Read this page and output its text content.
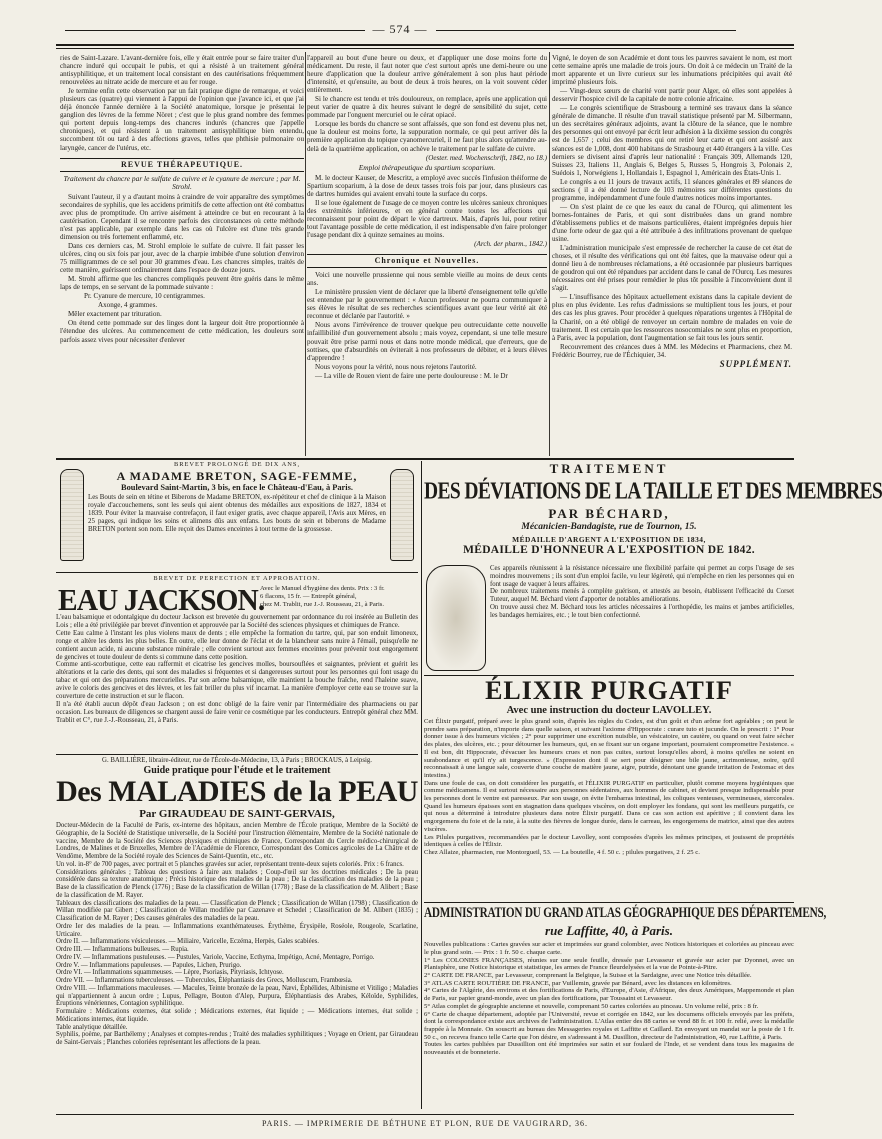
— 574 —

ries de Saint-Lazare. L'avant-dernière fois, elle y était entrée pour se faire traiter d'un chancre induré qui occupait le pubis, et qui a résisté à un traitement général antisyphilitique, et un traitement local consistant en des cautérisations fréquemment renouvelées au nitrate acide de mercure et au fer rouge.

Je termine enfin cette observation par un fait pratique digne de remarque, et voici plusieurs cas (quatre) qui viennent à l'appui de l'opinion que j'avance ici, et que j'ai déjà énoncée l'année dernière à la Société anatomique, lorsque je présentai le ganglion des lèvres de la femme Nöret ; c'est que le plus grand nombre des femmes qui portent depuis long-temps des chancres indurés (chancres que j'appelle chroniques), et qui résistent à un traitement antisyphilitique bien entendu, succombent tôt ou tard à des affections graves, telles que phthisie pulmonaire ou laryngée, cancer de l'utérus, etc.

REVUE THÉRAPEUTIQUE.
Traitement du chancre par le sulfate de cuivre et le cyanure de mercure ; par M. Strohl.

Suivant l'auteur, il y a d'autant moins à craindre de voir apparaître des symptômes secondaires de syphilis, que les accidens primitifs de cette affection ont été combattus avec plus de promptitude. On arrive aisément à atteindre ce but en recourant à la cautérisation. Cependant il se rencontre parfois des circonstances où cette méthode n'est pas applicable, par exemple dans les cas où l'ulcère est d'une très grande dimension ou très fortement enflammé, etc.

Dans ces derniers cas, M. Strohl emploie le sulfate de cuivre. Il fait passer les ulcères, cinq ou six fois par jour, avec de la charpie imbibée d'une solution d'environ 75 milligrammes de ce sel pour 30 grammes d'eau. Les chancres simples, traités de cette manière, guérissent ordinairement dans l'espace de douze jours.

M. Strohl affirme que les chancres compliqués peuvent être guéris dans le même laps de temps, en se servant de la pommade suivante :

Pr. Cyanure de mercure, 10 centigrammes.

Axonge, 4 grammes.

Mêler exactement par trituration.

On étend cette pommade sur des linges dont la largeur doit être proportionnée à l'étendue des ulcères. Au commencement de cette médication, les douleurs sont parfois assez vives pour nécessiter d'enlever

l'appareil au bout d'une heure ou deux, et d'appliquer une dose moins forte du médicament. Du reste, il faut noter que c'est surtout après une demi-heure ou une heure d'application que la douleur arrive généralement à son plus haut période d'intensité, et qu'ensuite, au bout de deux à trois heures, on la voit souvent céder entièrement.

Si le chancre est tendu et très douloureux, on remplace, après une application qui peut varier de quatre à dix heures suivant le degré de sensibilité du sujet, cette pommade par l'onguent mercuriel ou le cérat opiacé.

Lorsque les bords du chancre se sont affaissés, que son fond est devenu plus net, que la douleur est moins forte, la suppuration normale, ce qui peut arriver dès la première application du topique cyanomercuriel, il ne faut plus alors qu'attendre au-delà de la quatrième application, on achève le traitement par le sulfate de cuivre.

(Oester. med. Wochenschrift, 1842, no 18.)

Emploi thérapeutique du spartium scoparium.

M. le docteur Kauser, de Mescritz, a employé avec succès l'infusion théiforme de Spartium scoparium, à la dose de deux tasses trois fois par jour, dans plusieurs cas de dartres humides qui avaient envahi toute la surface du corps.

Il se loue également de l'usage de ce moyen contre les ulcères sanieux chroniques des extrémités inférieures, et en général contre toutes les affections qui reconnaissent pour point de départ le vice dartreux. Mais, d'après lui, pour retirer tout l'avantage possible de cette médication, il est indispensable d'en faire prolonger l'usage pendant dix à quinze semaines au moins.

(Arch. der pharm., 1842.)

Chronique et Nouvelles.

Voici une nouvelle prussienne qui nous semble vieille au moins de deux cents ans.

Le ministère prussien vient de déclarer que la liberté d'enseignement telle qu'elle est entendue par le gouvernement : « Aucun professeur ne pourra communiquer à ses élèves le résultat de ses recherches scientifiques avant que leur vérité ait été reconnue et déclarée par l'autorité. »

Nous avons l'irrévérence de trouver quelque peu outrecuidante cette nouvelle infaillibilité d'un gouvernement absolu ; mais voyez, cependant, si une telle mesure pouvait être prise parmi nous et dans notre monde médical, que d'erreurs, que de sottises, que d'absurdités on éviterait à nos professeurs de débiter, et à leurs élèves d'apprendre !

Nous voyons pour la vérité, nous nous rejetons l'autorité.

— La ville de Rouen vient de faire une perte douloureuse : M. le Dr

Vigné, le doyen de son Académie et dont tous les pauvres savaient le nom, est mort cette semaine après une maladie de trois jours. On doit à ce médecin un Traité de la mort apparente et un livre curieux sur les inhumations précipitées qui avait été imprimé plusieurs fois.

— Vingt-deux sœurs de charité vont partir pour Alger, où elles sont appelées à desservir l'hospice civil de la capitale de notre colonie africaine.

— Le congrès scientifique de Strasbourg a terminé ses travaux dans la séance générale de dimanche. Il résulte d'un travail statistique présenté par M. Silbermann, un des secrétaires généraux adjoints, avant la clôture de la séance, que le nombre des personnes qui ont envoyé par écrit leur adhésion à la dixième session du congrès est de 1,657 ; celui des membres qui ont retiré leur carte et qui ont assisté aux séances est de 1,008, dont 400 habitans de Strasbourg et 440 étrangers à la ville. Ces derniers se divisent ainsi d'après leur nationalité : Français 309, Allemands 120, Suisses 23, Italiens 11, Anglais 6, Belges 5, Russes 5, Hongrois 3, Polonais 2, Suédois 1, Norwégiens 1, Hollandais 1, Espagnol 1, Américain des États-Unis 1.

Le congrès a eu 11 jours de travaux actifs, 11 séances générales et 89 séances de sections ( il a été donné lecture de 103 mémoires sur différentes questions du programme, indépendamment d'une foule d'autres notices moins importantes.

— On s'est plaint de ce que les eaux du canal de l'Ourcq, qui alimentent les bornes-fontaines de Paris, et qui sont distribuées dans un grand nombre d'établissemens publics et de maisons particulières, étaient imprégnées depuis hier d'une forte odeur de gaz qui a été attribuée à des infiltrations provenant de quelque usine.

L'administration municipale s'est empressée de rechercher la cause de cet état de choses, et il résulte des vérifications qui ont été faites, que la mauvaise odeur qui a donné lieu à de nombreuses réclamations, a été occasionnée par plusieurs barriques de goudron qui ont été répandues par accident dans le canal de l'Ourcq. Les mesures nécessaires ont été prises pour remédier le plus tôt possible à l'inconvénient dont il s'agit.

— L'insuffisance des hôpitaux actuellement existans dans la capitale devient de plus en plus évidente. Les refus d'admissions se multiplient tous les jours, et pour des cas les plus graves. Pour procéder à quelques réparations urgentes à l'Hôpital de la Charité, on a été obligé de renvoyer un certain nombre de malades en voie de traitement. Il est certain que les ressources nosocomiales ne sont plus en proportion, à Paris, avec la population, dont l'augmentation se fait tous les jours sentir.

Recouvrement des créances dues à MM. les Médecins et Pharmaciens, chez M. Frédéric Bourrey, rue de l'Échiquier, 34.

SUPPLÉMENT.

BREVET PROLONGÉ DE DIX ANS,
A MADAME BRETON, SAGE-FEMME,
Boulevard Saint-Martin, 3 bis, en face le Château-d'Eau, à Paris.
Les Bouts de sein en tétine et Biberons de Madame BRETON, ex-répétiteur et chef de clinique à la Maison royale d'accouchemens, sont les seuls qui aient obtenus des médailles aux expositions de 1827, 1834 et 1839. Pour éviter la mauvaise contrefaçon, il faut exiger gratis, avec chaque appareil, l'Avis aux Mères, en 25 pages, qui indique les soins et alimens dûs aux enfans. Les bouts de sein et biberons de Madame BRETON portent son nom. Elle reçoit des Dames enceintes à tout terme de la grossesse.
BREVET DE PERFECTION ET APPROBATION.
EAU JACKSON.
Avec le Manuel d'hygiène des dents. Prix : 3 fr.
6 flacons, 15 fr. — Entrepôt général,
chez M. Trablit, rue J.-J. Rousseau, 21, à Paris.

L'eau balsamique et odontalgique du docteur Jackson est brevetée du gouvernement par ordonnance du roi insérée au Bulletin des Lois ; elle a été privilégiée par brevet d'invention et approuvée par la Société des sciences physiques et chimiques de France.

Cette Eau calme à l'instant les plus violens maux de dents ; elle empêche la formation du tartre, qui, par son enduit limoneux, ronge et altère les dents les plus belles. En outre, elle leur donne de l'éclat et de la blancheur sans nuire à l'émail, puisqu'elle ne contient aucun acide, ni aucune substance minérale ; elle convient surtout aux femmes enceintes pour prévenir tout engorgement de gencives et toute douleur de dents si commune dans cette position.

Comme anti-scorbutique, cette eau raffermit et cicatrise les gencives molles, boursouflées et saignantes, prévient et guérit les altérations et la carie des dents, qui sont des maladies si fréquentes et si dangereuses surtout pour les personnes qui font usage du tabac et qui ont des préparations mercurielles. Par son arôme balsamique, elle maintient la bouche fraîche, rend l'haleine suave, avive le coloris des gencives et des lèvres, et les fait briller du plus vif incarnat. La manière d'employer cette eau se trouve sur la couverture de cette instruction et sur le flacon.

Il n'a été établi aucun dépôt d'eau Jackson ; on est donc obligé de la faire venir par l'intermédiaire des pharmaciens ou par occasion. Les bureaux de diligences se chargent aussi de faire venir ce cosmétique par les conducteurs. Entrepôt général chez MM. Trablit et C°, rue J.-J.-Rousseau, 21, à Paris.

G. BAILLIÈRE, libraire-éditeur, rue de l'École-de-Médecine, 13, à Paris ; BROCKAUS, à Leipsig.
Guide pratique pour l'étude et le traitement
Des MALADIES de la PEAU
Par GIRAUDEAU DE SAINT-GERVAIS,

Docteur-Médecin de la Faculté de Paris, ex-interne des hôpitaux, ancien Membre de l'École pratique, Membre de la Société de Géographie, de la Société de Statistique universelle, de la Société pour l'instruction élémentaire, Membre de la Société nationale de vaccine, Membre de la Société des Sciences physiques et chimiques de France, Correspondant du Cercle médico-chirurgical de Londres, de Malines et de Bruxelles, Membre de l'Académie de Florence, Correspondant des Comices agricoles de La Châtre et de Vendôme, Membre de la Société royale des Sciences de Saint-Quentin, etc., etc.

Un vol. in-8° de 700 pages, avec portrait et 5 planches gravées sur acier, représentant trente-deux sujets coloriés. Prix : 6 francs.

Considérations générales ; Tableau des questions à faire aux malades ; Coup-d'œil sur les doctrines médicales ; De la peau considérée dans sa texture anatomique ; Précis historique des maladies de la peau ; De la classification des maladies de la peau ; Base de la classification de Plenck (1776) ; Base de la classification de Willan (1778) ; Base de la classification de M. Alibert ; Base de la classification de M. Rayer.

Tableaux des classifications des maladies de la peau. — Classification de Plenck ; Classification de Willan (1798) ; Classification de Willan modifiée par Gibert ; Classification de Willan modifiée par Cazenave et Schedel ; Classification de M. Alibert (1835) ; Classification de M. Rayer ; Des causes générales des maladies de la peau.

Ordre Ier des maladies de la peau. — Inflammations exanthémateuses. Érythème, Érysipèle, Roséole, Rougeole, Scarlatine, Urticaire.

Ordre II. — Inflammations vésiculeuses. — Miliaire, Varicelle, Eczéma, Herpès, Gales scabiées.

Ordre III. — Inflammations bulleuses. — Rupia.

Ordre IV. — Inflammations pustuleuses. — Pustules, Variole, Vaccine, Ecthyma, Impétigo, Acné, Mentagre, Porrigo.

Ordre V. — Inflammations papuleuses. — Papules, Lichen, Prurigo.

Ordre VI. — Inflammations squammeuses. — Lèpre, Psoriasis, Pityriasis, Ichtyose.

Ordre VII. — Inflammations tuberculeuses. — Tubercules, Éléphantiasis des Grecs, Molluscum, Frambœsia.

Ordre VIII. — Inflammations maculeuses. — Macules, Teinte bronzée de la peau, Nævi, Éphélides, Albinisme et Vitiligo ; Maladies qui n'appartiennent à aucun ordre ; Lupus, Pellagre, Bouton d'Alep, Purpura, Éléphantiasis des Arabes, Kéloïde, Syphilides, Éruptions vénériennes, Contagion syphilitique.

Formulaire : Médications externes, état solide ; Médications externes, état liquide ; — Médications internes, état solide ; Médications internes, état liquide.

Table analytique détaillée.

Syphilis, poème, par Barthélemy ; Analyses et comptes-rendus ; Traité des maladies syphilitiques ; Voyage en Orient, par Giraudeau de Saint-Gervais ; Planches coloriées représentant les affections de la peau.

TRAITEMENT
DES DÉVIATIONS DE LA TAILLE ET DES MEMBRES
PAR BÉCHARD,
Mécanicien-Bandagiste, rue de Tournon, 15.
MÉDAILLE D'ARGENT A L'EXPOSITION DE 1834,
MÉDAILLE D'HONNEUR A L'EXPOSITION DE 1842.

Ces appareils réunissent à la résistance nécessaire une flexibilité parfaite qui permet au corps l'usage de ses moindres mouvemens ; ils sont d'un emploi facile, vu leur légèreté, qui n'empêche en rien les personnes qui en font usage de vaquer à leurs affaires.

De nombreux traitemens menés à complète guérison, et attestés au besoin, établissent l'efficacité du Corset Tuteur, auquel M. Béchard vient d'apporter de notables améliorations.

On trouve aussi chez M. Béchard tous les articles nécessaires à l'orthopédie, les mains et jambes artificielles, les bandages herniaires, etc. ; le tout bien confectionné.

ÉLIXIR PURGATIF
Avec une instruction du docteur LAVOLLEY.

Cet Élixir purgatif, préparé avec le plus grand soin, d'après les règles du Codex, est d'un goût et d'un arôme fort agréables ; on peut le prendre sans préparation, n'importe dans quelle saison, et suivant l'axiome d'Hippocrate : curare tuto et jucunde. On le prescrit : 1° Pour donner issue à des humeurs viciées ; 2° pour supprimer une excrétion nuisible, un vésicatoire, un cautère, ou quand on veut faire sécher des plaies, des ulcères, etc. ; pour détourner les humeurs, qui, en se fixant sur un organe important, pourraient compromettre l'existence. « Il est bon, dit Hippocrate, d'évacuer les humeurs crues et non pas cuites, surtout lorsqu'elles abord, à moins qu'elles ne soient en surabondance et qu'il n'y ait turgescence. » (Expression dont il se sert pour désigner une bile jaune, acrimonieuse, noire, qu'il reconnaissait à une langue sale, couverte d'une couche de matière jaune, aigre, putride, dénotant une grande irritation de l'estomac et des intestins.)

Dans une foule de cas, on doit considérer les purgatifs, et l'ÉLIXIR PURGATIF en particulier, plutôt comme moyens hygiéniques que comme médicamens. Il est surtout nécessaire aux personnes sédentaires, aux hommes de cabinet, et devient presque indispensable pour les personnes dont le ventre est paresseux. Par son usage, on évite l'embarras intestinal, les coliques venteuses, vermineuses, stercorales. Quand les humeurs épaisses sont en stagnation dans quelques viscères, on doit employer les fondans, qui sont les meilleurs purgatifs, ce qui nous a déterminé à introduire plusieurs dans notre Élixir purgatif. Dans ce cas son action est apéritive ; il convient dans les engorgemens du foie et de la rate, à la suite des fièvres de longue durée, dans le carreau, les engorgemens de matrice, ainsi que des autres viscères.

Les Pilules purgatives, recommandées par le docteur Lavolley, sont composées d'après les mêmes principes, et jouissent de propriétés identiques à celles de l'Élixir.

Chez Allaize, pharmacien, rue Montorgueil, 53. — La bouteille, 4 f. 50 c. ; pilules purgatives, 2 f. 25 c.

ADMINISTRATION DU GRAND ATLAS GÉOGRAPHIQUE DES DÉPARTEMENS,
rue Laffitte, 40, à Paris.

Nouvelles publications : Cartes gravées sur acier et imprimées sur grand colombier, avec Notices historiques et coloriées au pinceau avec le plus grand soin. — Prix : 1 fr. 50 c. chaque carte.

1° Les COLONIES FRANÇAISES, réunies sur une seule feuille, dressée par Levasseur et gravée sur acier par Dyonnet, avec un Planisphère, une Notice historique et statistique, les armes de France fleurdelysées et la vue de Pointe-à-Pitre.

2° CARTE DE FRANCE, par Levasseur, comprenant la Belgique, la Suisse et la Sardaigne, avec une Notice très détaillée.

3° ATLAS CARTE ROUTIÈRE DE FRANCE, par Vuillemin, gravée par Bénard, avec les distances en kilomètres.

4° Cartes de l'Algérie, des environs et des fortifications de Paris, d'Europe, d'Asie, d'Afrique, des deux Amériques, Mappemonde et plan de Paris, sur papier grand-monde, avec un plan des fortifications, par Toussaint et Levasseur.

5° Atlas complet de géographie ancienne et nouvelle, comprenant 50 cartes coloriées au pinceau. Un volume relié, prix : 8 fr.

6° Carte de chaque département, adoptée par l'Université, revue et corrigée en 1842, sur les documens officiels envoyés par les préfets, dont la correspondance existe aux archives de l'administration. L'Atlas entier des 88 cartes se vend 88 fr. et 100 fr. relié, avec la médaille frappée à la Monnaie. On souscrit au bureau des Messageries royales et Laffitte et Caillard. En envoyant un mandat sur la poste de 1 fr. 50 c., on recevra franco telle Carte que l'on désire, en s'adressant à M. Dusillion, directeur de l'administration, 40, rue Laffitte, à Paris.

Toutes les cartes publiées par Dussillion ont été imprimées sur satin et sur foulard de l'Inde, et se vendent dans tous les magasins de nouveautés et de bonneterie.

PARIS. — IMPRIMERIE DE BÉTHUNE ET PLON, RUE DE VAUGIRARD, 36.
